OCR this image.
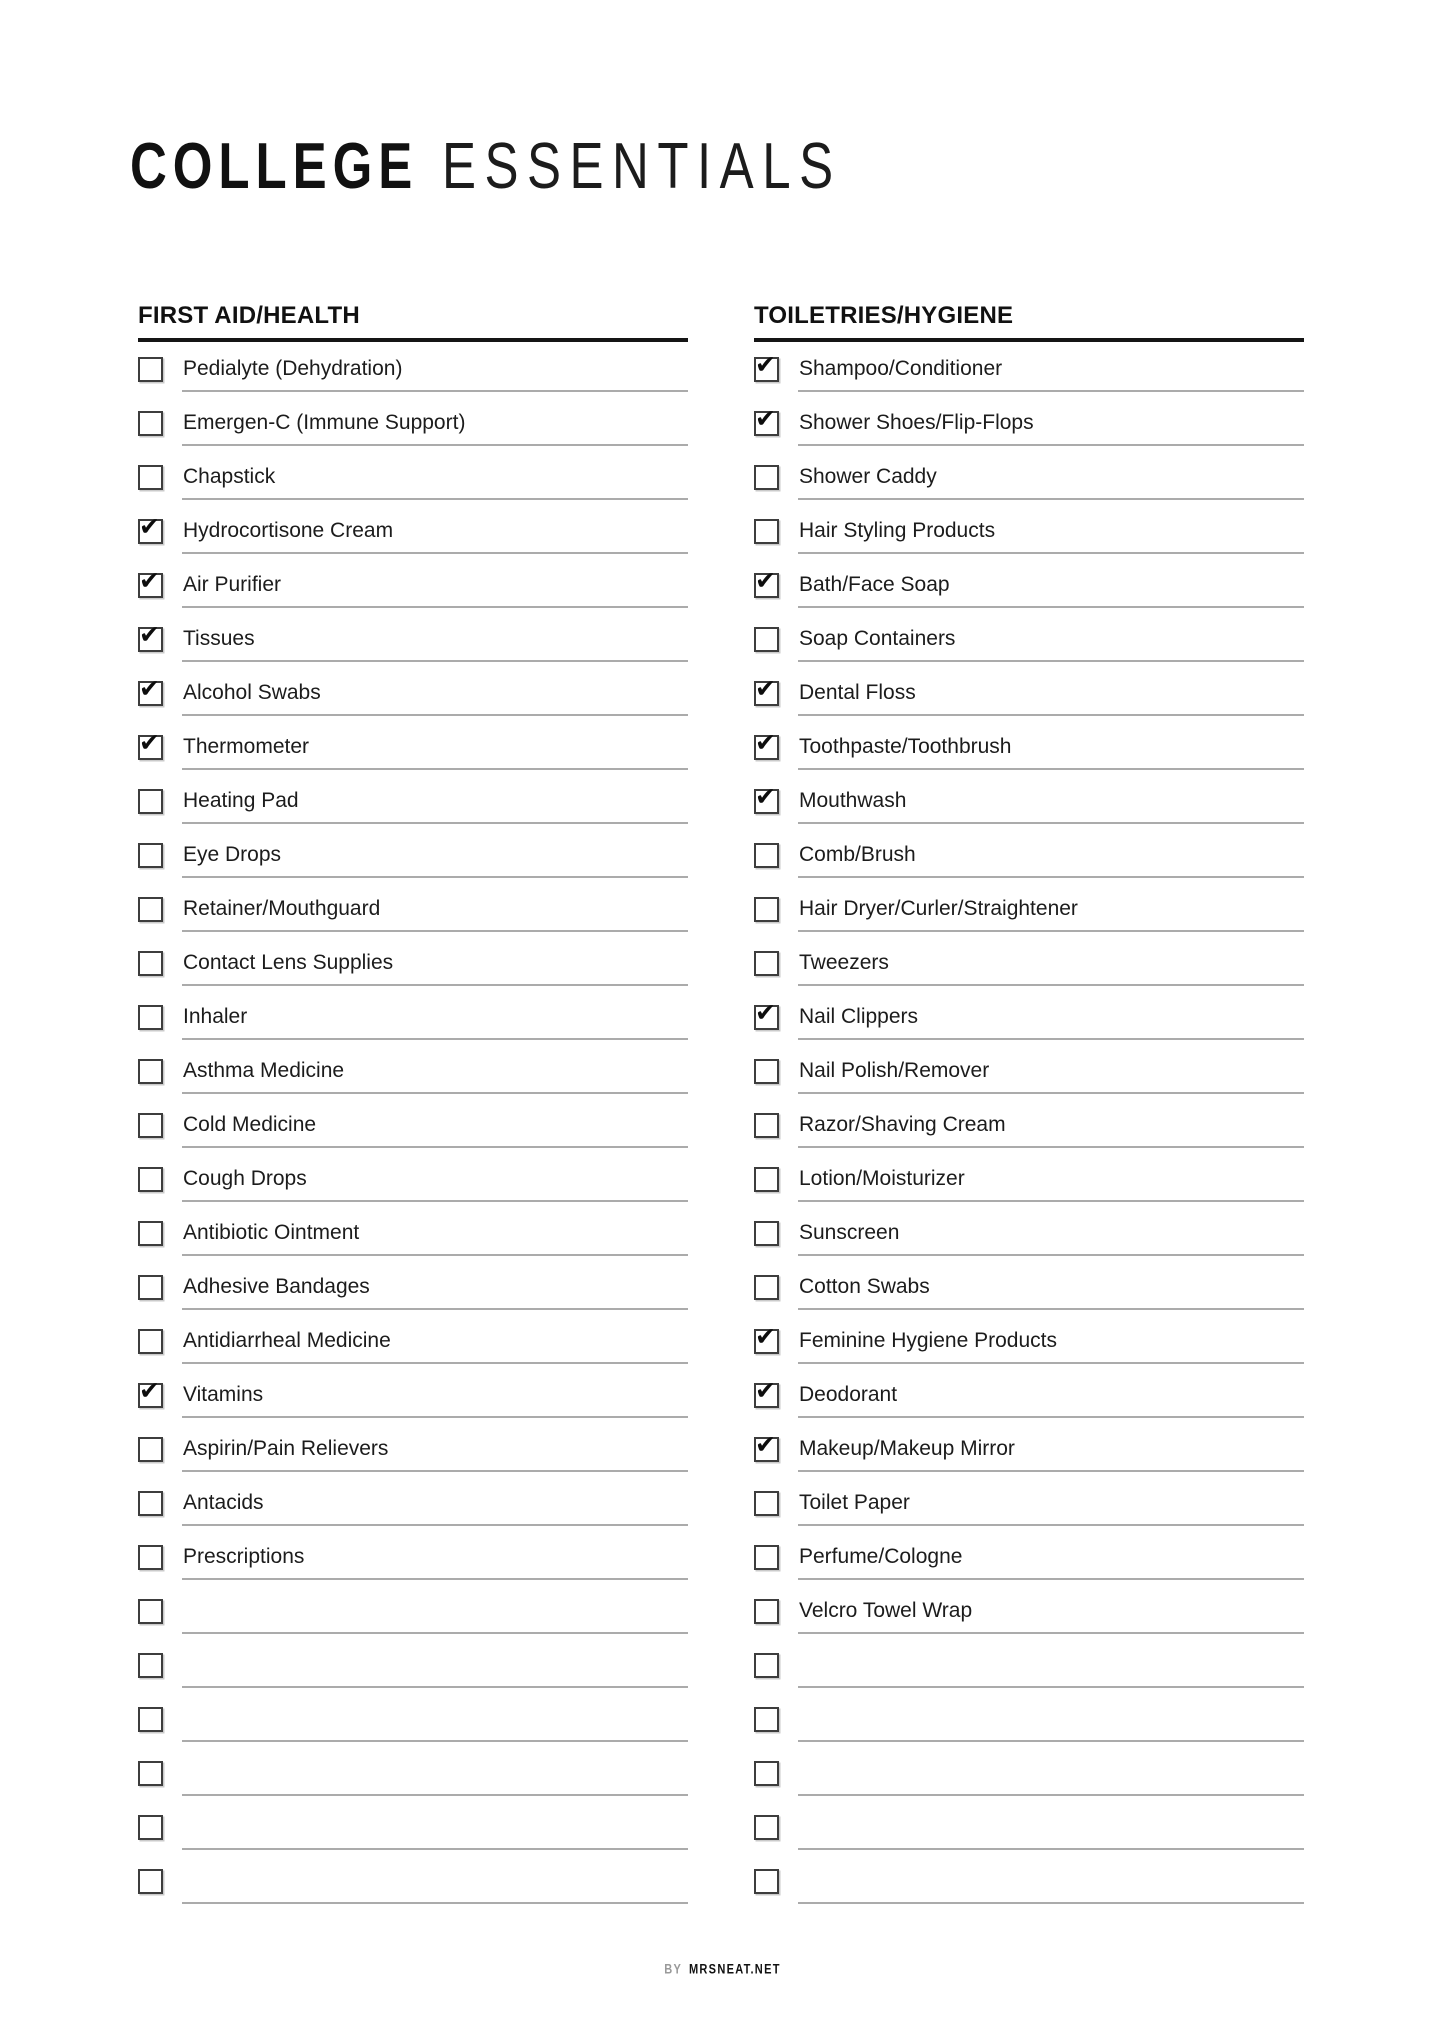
COLLEGE ESSENTIALS
FIRST AID/HEALTH
Pedialyte (Dehydration)
Emergen-C (Immune Support)
Chapstick
✔ Hydrocortisone Cream
✔ Air Purifier
✔ Tissues
✔ Alcohol Swabs
✔ Thermometer
Heating Pad
Eye Drops
Retainer/Mouthguard
Contact Lens Supplies
Inhaler
Asthma Medicine
Cold Medicine
Cough Drops
Antibiotic Ointment
Adhesive Bandages
Antidiarrheal Medicine
✔ Vitamins
Aspirin/Pain Relievers
Antacids
Prescriptions
TOILETRIES/HYGIENE
✔ Shampoo/Conditioner
✔ Shower Shoes/Flip-Flops
Shower Caddy
Hair Styling Products
✔ Bath/Face Soap
Soap Containers
✔ Dental Floss
✔ Toothpaste/Toothbrush
✔ Mouthwash
Comb/Brush
Hair Dryer/Curler/Straightener
Tweezers
✔ Nail Clippers
Nail Polish/Remover
Razor/Shaving Cream
Lotion/Moisturizer
Sunscreen
Cotton Swabs
✔ Feminine Hygiene Products
✔ Deodorant
✔ Makeup/Makeup Mirror
Toilet Paper
Perfume/Cologne
Velcro Towel Wrap
BY MRSNEAT.NET
